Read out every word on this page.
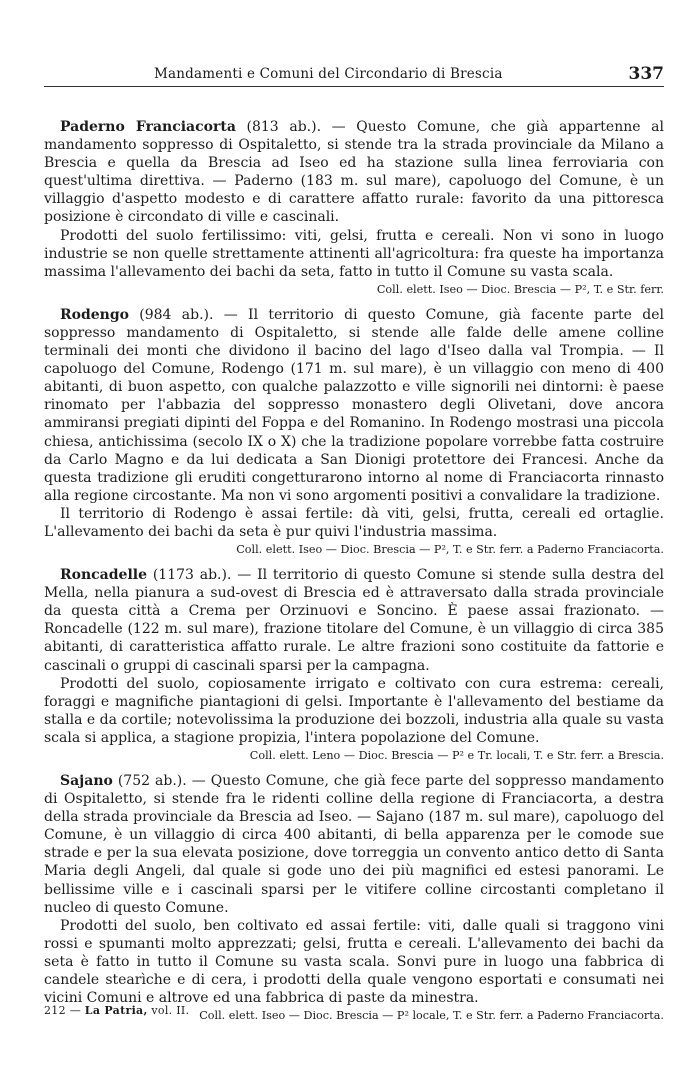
Mandamenti e Comuni del Circondario di Brescia	337

Paderno Franciacorta (813 ab.). — Questo Comune, che già appartenne al mandamento soppresso di Ospitaletto, si stende tra la strada provinciale da Milano a Brescia e quella da Brescia ad Iseo ed ha stazione sulla linea ferroviaria con quest'ultima direttiva. — Paderno (183 m. sul mare), capoluogo del Comune, è un villaggio d'aspetto modesto e di carattere affatto rurale: favorito da una pittoresca posizione è circondato di ville e cascinali.

Prodotti del suolo fertilissimo: viti, gelsi, frutta e cereali. Non vi sono in luogo industrie se non quelle strettamente attinenti all'agricoltura: fra queste ha importanza massima l'allevamento dei bachi da seta, fatto in tutto il Comune su vasta scala.

Coll. elett. Iseo — Dioc. Brescia — P², T. e Str. ferr.

Rodengo (984 ab.). — Il territorio di questo Comune, già facente parte del soppresso mandamento di Ospitaletto, si stende alle falde delle amene colline terminali dei monti che dividono il bacino del lago d'Iseo dalla val Trompia. — Il capoluogo del Comune, Rodengo (171 m. sul mare), è un villaggio con meno di 400 abitanti, di buon aspetto, con qualche palazzotto e ville signorili nei dintorni: è paese rinomato per l'abbazia del soppresso monastero degli Olivetani, dove ancora ammiransi pregiati dipinti del Foppa e del Romanino. In Rodengo mostrasi una piccola chiesa, antichissima (secolo IX o X) che la tradizione popolare vorrebbe fatta costruire da Carlo Magno e da lui dedicata a San Dionigi protettore dei Francesi. Anche da questa tradizione gli eruditi congetturarono intorno al nome di Franciacorta rinnasto alla regione circostante. Ma non vi sono argomenti positivi a convalidare la tradizione.

Il territorio di Rodengo è assai fertile: dà viti, gelsi, frutta, cereali ed ortaglie. L'allevamento dei bachi da seta è pur quivi l'industria massima.

Coll. elett. Iseo — Dioc. Brescia — P², T. e Str. ferr. a Paderno Franciacorta.

Roncadelle (1173 ab.). — Il territorio di questo Comune si stende sulla destra del Mella, nella pianura a sud-ovest di Brescia ed è attraversato dalla strada provinciale da questa città a Crema per Orzinuovi e Soncino. È paese assai frazionato. — Roncadelle (122 m. sul mare), frazione titolare del Comune, è un villaggio di circa 385 abitanti, di caratteristica affatto rurale. Le altre frazioni sono costituite da fattorie e cascinali o gruppi di cascinali sparsi per la campagna.

Prodotti del suolo, copiosamente irrigato e coltivato con cura estrema: cereali, foraggi e magnifiche piantagioni di gelsi. Importante è l'allevamento del bestiame da stalla e da cortile; notevolissima la produzione dei bozzoli, industria alla quale su vasta scala si applica, a stagione propizia, l'intera popolazione del Comune.

Coll. elett. Leno — Dioc. Brescia — P² e Tr. locali, T. e Str. ferr. a Brescia.

Sajano (752 ab.). — Questo Comune, che già fece parte del soppresso mandamento di Ospitaletto, si stende fra le ridenti colline della regione di Franciacorta, a destra della strada provinciale da Brescia ad Iseo. — Sajano (187 m. sul mare), capoluogo del Comune, è un villaggio di circa 400 abitanti, di bella apparenza per le comode sue strade e per la sua elevata posizione, dove torreggia un convento antico detto di Santa Maria degli Angeli, dal quale si gode uno dei più magnifici ed estesi panorami. Le bellissime ville e i cascinali sparsi per le vitifere colline circostanti completano il nucleo di questo Comune.

Prodotti del suolo, ben coltivato ed assai fertile: viti, dalle quali si traggono vini rossi e spumanti molto apprezzati; gelsi, frutta e cereali. L'allevamento dei bachi da seta è fatto in tutto il Comune su vasta scala. Sonvi pure in luogo una fabbrica di candele stearìche e di cera, i prodotti della quale vengono esportati e consumati nei vicini Comuni e altrove ed una fabbrica di paste da minestra.

Coll. elett. Iseo — Dioc. Brescia — P² locale, T. e Str. ferr. a Paderno Franciacorta.
212 — La Patria, vol. II.
